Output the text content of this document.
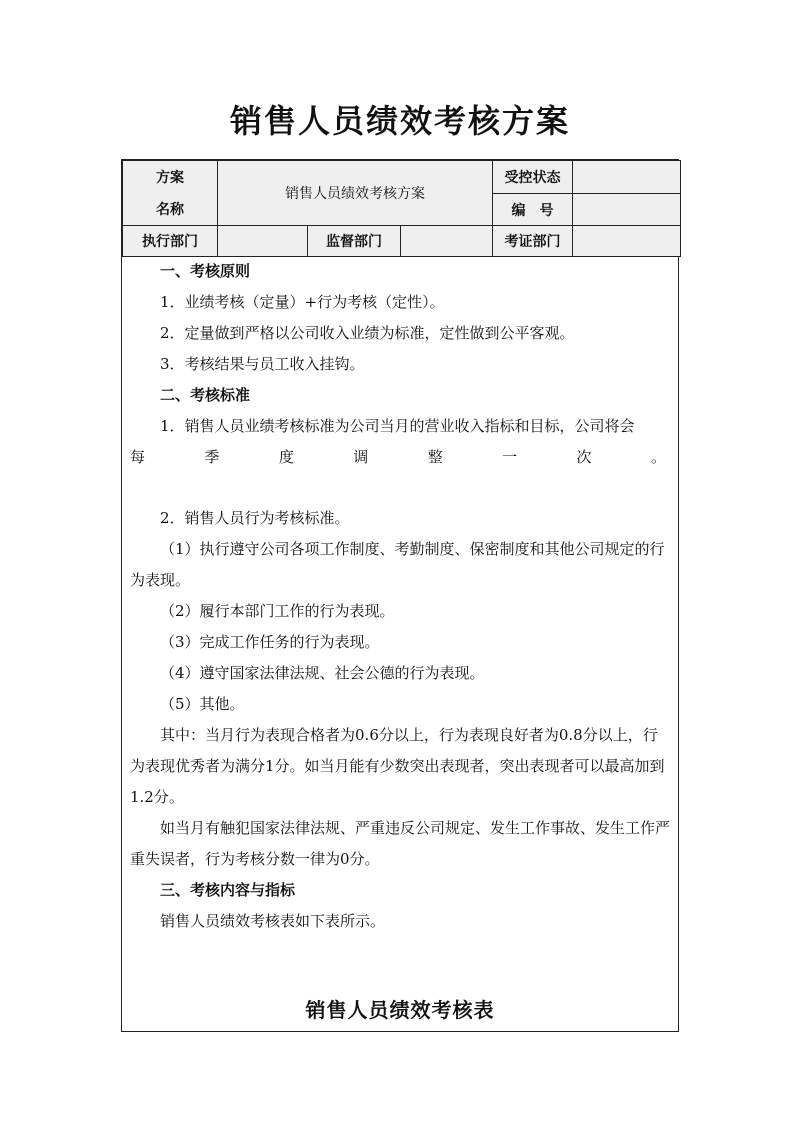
销售人员绩效考核方案
方案
名称	销售人员绩效考核方案			受控状态	
				编　号	
执行部门		监督部门		考证部门	

一、考核原则

1．业绩考核（定量）+行为考核（定性）。

2．定量做到严格以公司收入业绩为标准，定性做到公平客观。

3．考核结果与员工收入挂钩。

二、考核标准

1．销售人员业绩考核标准为公司当月的营业收入指标和目标，公司将会

每	季	度	调	整	一	次	。

2．销售人员行为考核标准。

（1）执行遵守公司各项工作制度、考勤制度、保密制度和其他公司规定的行为表现。

（2）履行本部门工作的行为表现。

（3）完成工作任务的行为表现。

（4）遵守国家法律法规、社会公德的行为表现。

（5）其他。

其中：当月行为表现合格者为0.6分以上，行为表现良好者为0.8分以上，行为表现优秀者为满分1分。如当月能有少数突出表现者，突出表现者可以最高加到1.2分。

如当月有触犯国家法律法规、严重违反公司规定、发生工作事故、发生工作严重失误者，行为考核分数一律为0分。

三、考核内容与指标

销售人员绩效考核表如下表所示。

销售人员绩效考核表
